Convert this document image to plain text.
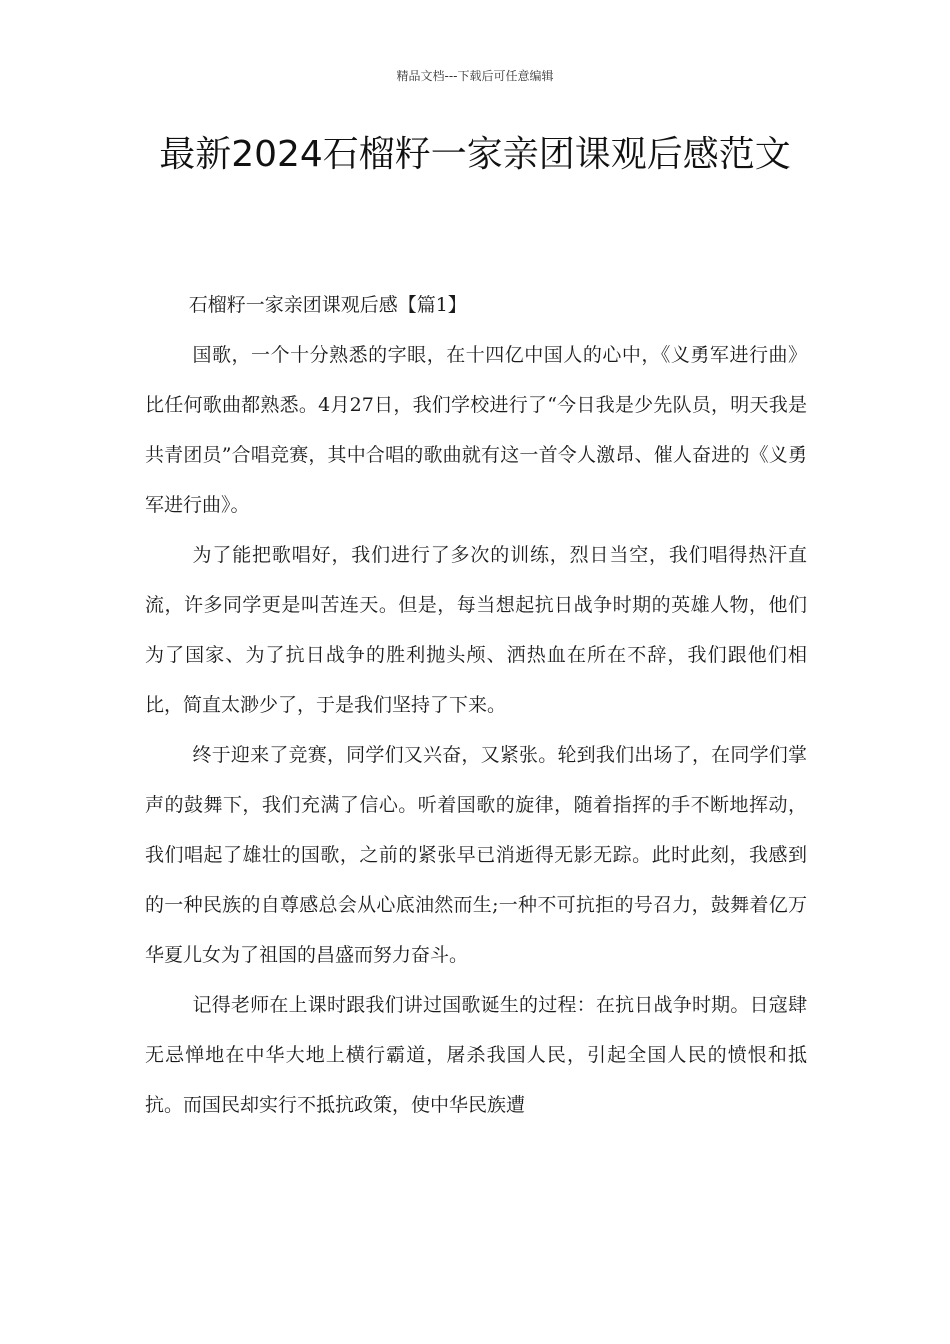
精品文档---下载后可任意编辑
最新2024石榴籽一家亲团课观后感范文

石榴籽一家亲团课观后感【篇1】

国歌，一个十分熟悉的字眼，在十四亿中国人的心中，《义勇军进行曲》比任何歌曲都熟悉。4月27日，我们学校进行了“今日我是少先队员，明天我是共青团员”合唱竞赛，其中合唱的歌曲就有这一首令人激昂、催人奋进的《义勇军进行曲》。

为了能把歌唱好，我们进行了多次的训练，烈日当空，我们唱得热汗直流，许多同学更是叫苦连天。但是，每当想起抗日战争时期的英雄人物，他们为了国家、为了抗日战争的胜利抛头颅、洒热血在所在不辞，我们跟他们相比，简直太渺少了，于是我们坚持了下来。

终于迎来了竞赛，同学们又兴奋，又紧张。轮到我们出场了，在同学们掌声的鼓舞下，我们充满了信心。听着国歌的旋律，随着指挥的手不断地挥动，我们唱起了雄壮的国歌，之前的紧张早已消逝得无影无踪。此时此刻，我感到的一种民族的自尊感总会从心底油然而生;一种不可抗拒的号召力，鼓舞着亿万华夏儿女为了祖国的昌盛而努力奋斗。

记得老师在上课时跟我们讲过国歌诞生的过程：在抗日战争时期。日寇肆无忌惮地在中华大地上横行霸道，屠杀我国人民，引起全国人民的愤恨和抵抗。而国民却实行不抵抗政策，使中华民族遭
